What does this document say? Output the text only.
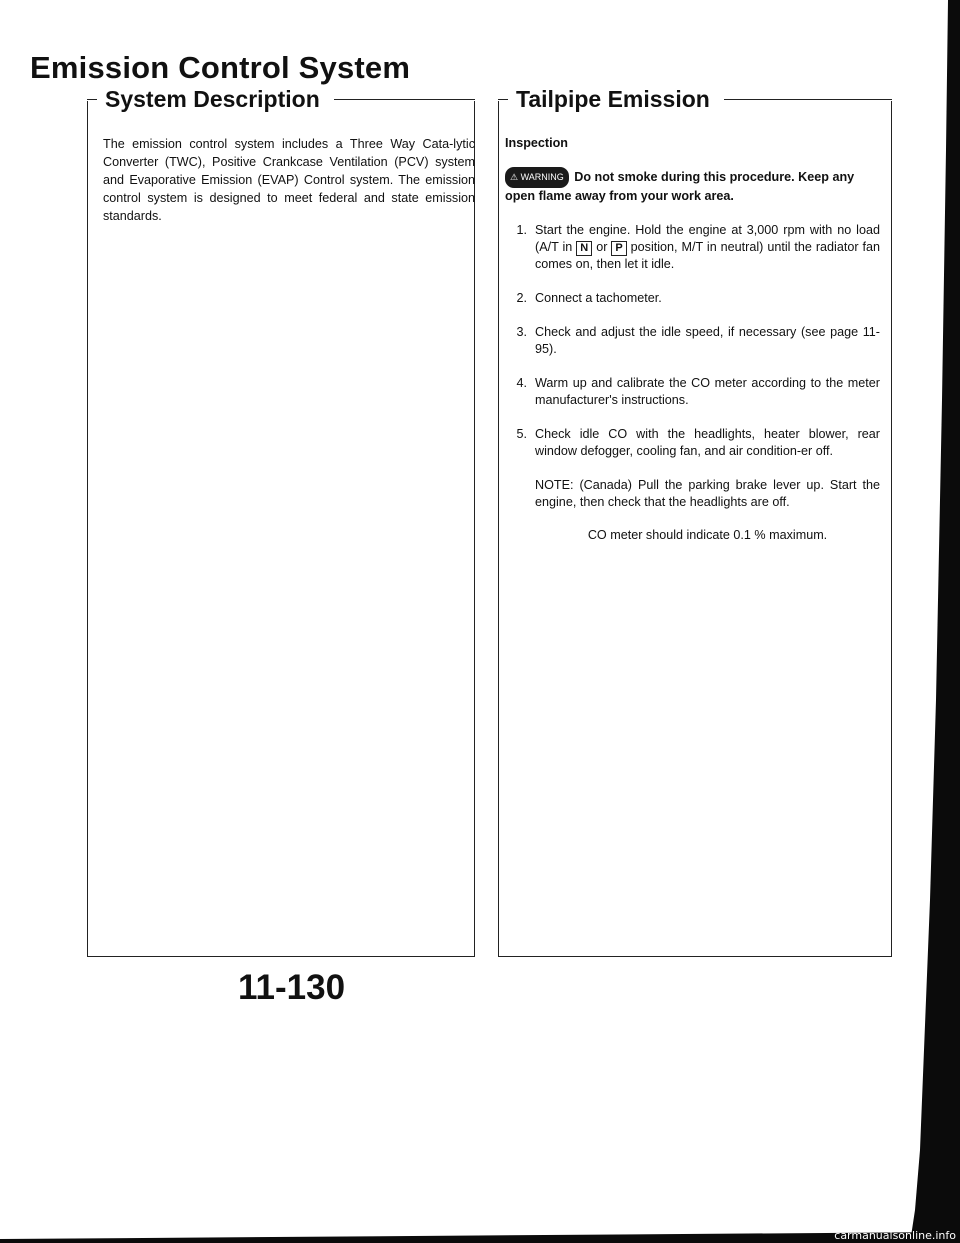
Emission Control System
System Description

The emission control system includes a Three Way Cata-lytic Converter (TWC), Positive Crankcase Ventilation (PCV) system and Evaporative Emission (EVAP) Control system. The emission control system is designed to meet federal and state emission standards.

Tailpipe Emission

Inspection

⚠ WARNING Do not smoke during this procedure. Keep any open flame away from your work area.

1. Start the engine. Hold the engine at 3,000 rpm with no load (A/T in N or P position, M/T in neutral) until the radiator fan comes on, then let it idle.
2. Connect a tachometer.
3. Check and adjust the idle speed, if necessary (see page 11-95).
4. Warm up and calibrate the CO meter according to the meter manufacturer's instructions.
5. Check idle CO with the headlights, heater blower, rear window defogger, cooling fan, and air condition-er off.

NOTE: (Canada) Pull the parking brake lever up. Start the engine, then check that the headlights are off.

CO meter should indicate 0.1 % maximum.

11-130

carmanualsonline.info
